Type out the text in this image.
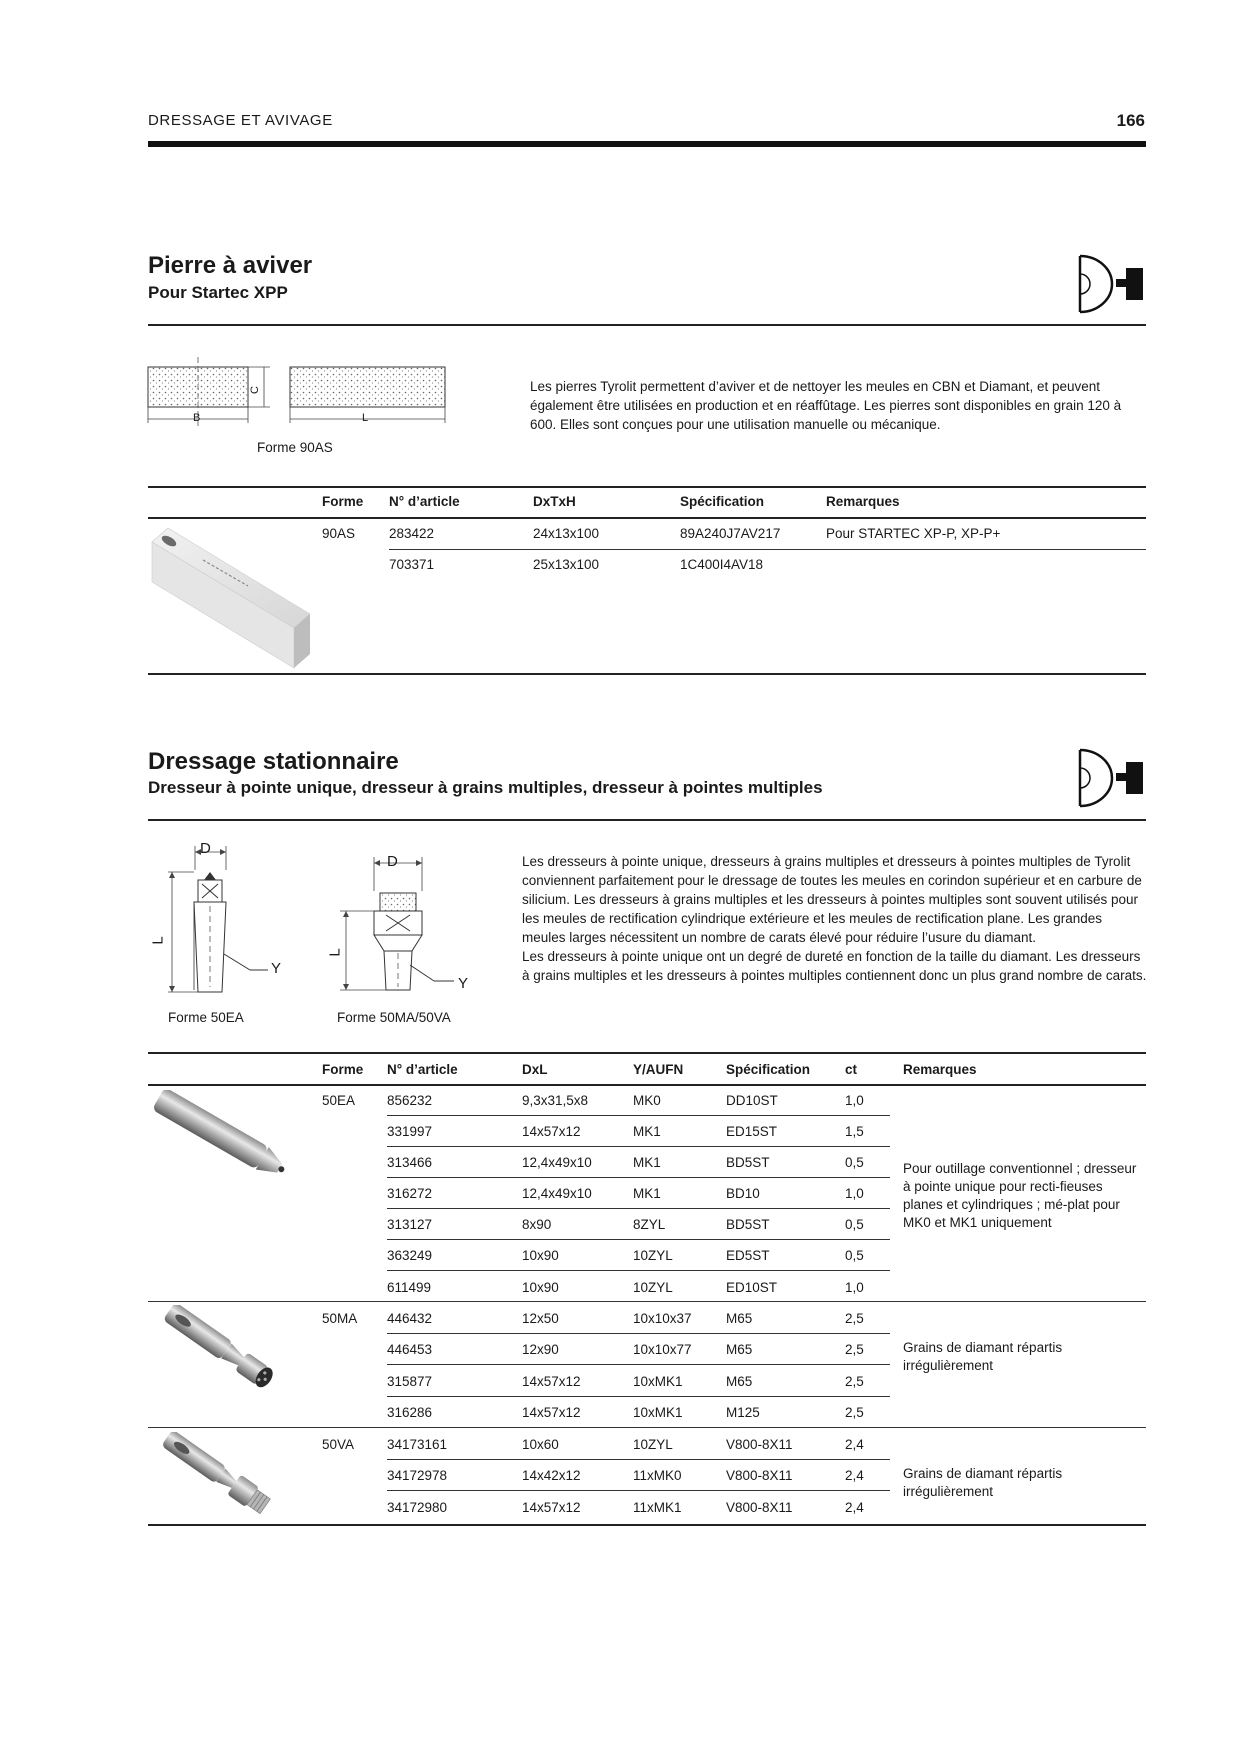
DRESSAGE ET AVIVAGE	166
Pierre à aviver
Pour Startec XPP
B
C
L
Forme 90AS
Les pierres Tyrolit permettent d’aviver et de nettoyer les meules en CBN et Diamant, et peuvent également être utilisées en production et en réaffûtage. Les pierres sont disponibles en grain 120 à 600. Elles sont conçues pour une utilisation manuelle ou mécanique.
Forme N° d’article	DxTxH	Spécification	Remarques
90AS	283422	24x13x100	89A240J7AV217	Pour STARTEC XP-P, XP-P+
703371	25x13x100	1C400I4AV18
Dressage stationnaire
Dresseur à pointe unique, dresseur à grains multiples, dresseur à pointes multiples
D
L
Y
Forme 50EA
D
L
Y
Forme 50MA/50VA
Les dresseurs à pointe unique, dresseurs à grains multiples et dresseurs à pointes multiples de Tyrolit conviennent parfaitement pour le dressage de toutes les meules en corindon supérieur et en carbure de silicium. Les dresseurs à grains multiples et les dresseurs à pointes multiples sont souvent utilisés pour les meules de rectification cylindrique extérieure et les meules de rectification plane. Les grandes meules larges nécessitent un nombre de carats élevé pour réduire l’usure du diamant.
Les dresseurs à pointe unique ont un degré de dureté en fonction de la taille du diamant. Les dresseurs à grains multiples et les dresseurs à pointes multiples contiennent donc un plus grand nombre de carats.
Forme N° d’article	DxL	Y/AUFN	Spécification	ct	Remarques
50EA 856232	9,3x31,5x8	MK0	DD10ST	1,0
331997	14x57x12	MK1	ED15ST	1,5
313466	12,4x49x10	MK1	BD5ST	0,5
316272	12,4x49x10	MK1	BD10	1,0
313127	8x90	8ZYL	BD5ST	0,5
363249	10x90	10ZYL	ED5ST	0,5
611499	10x90	10ZYL	ED10ST	1,0
Pour outillage conventionnel ; dresseur à pointe unique pour recti-fieuses planes et cylindriques ; mé-plat pour MK0 et MK1 uniquement
50MA 446432	12x50	10x10x37	M65	2,5
446453	12x90	10x10x77	M65	2,5
315877	14x57x12	10xMK1	M65	2,5
316286	14x57x12	10xMK1	M125	2,5
Grains de diamant répartis irrégulièrement
50VA 34173161	10x60	10ZYL	V800-8X11	2,4
34172978	14x42x12	11xMK0	V800-8X11	2,4
34172980	14x57x12	11xMK1	V800-8X11	2,4
Grains de diamant répartis irrégulièrement
